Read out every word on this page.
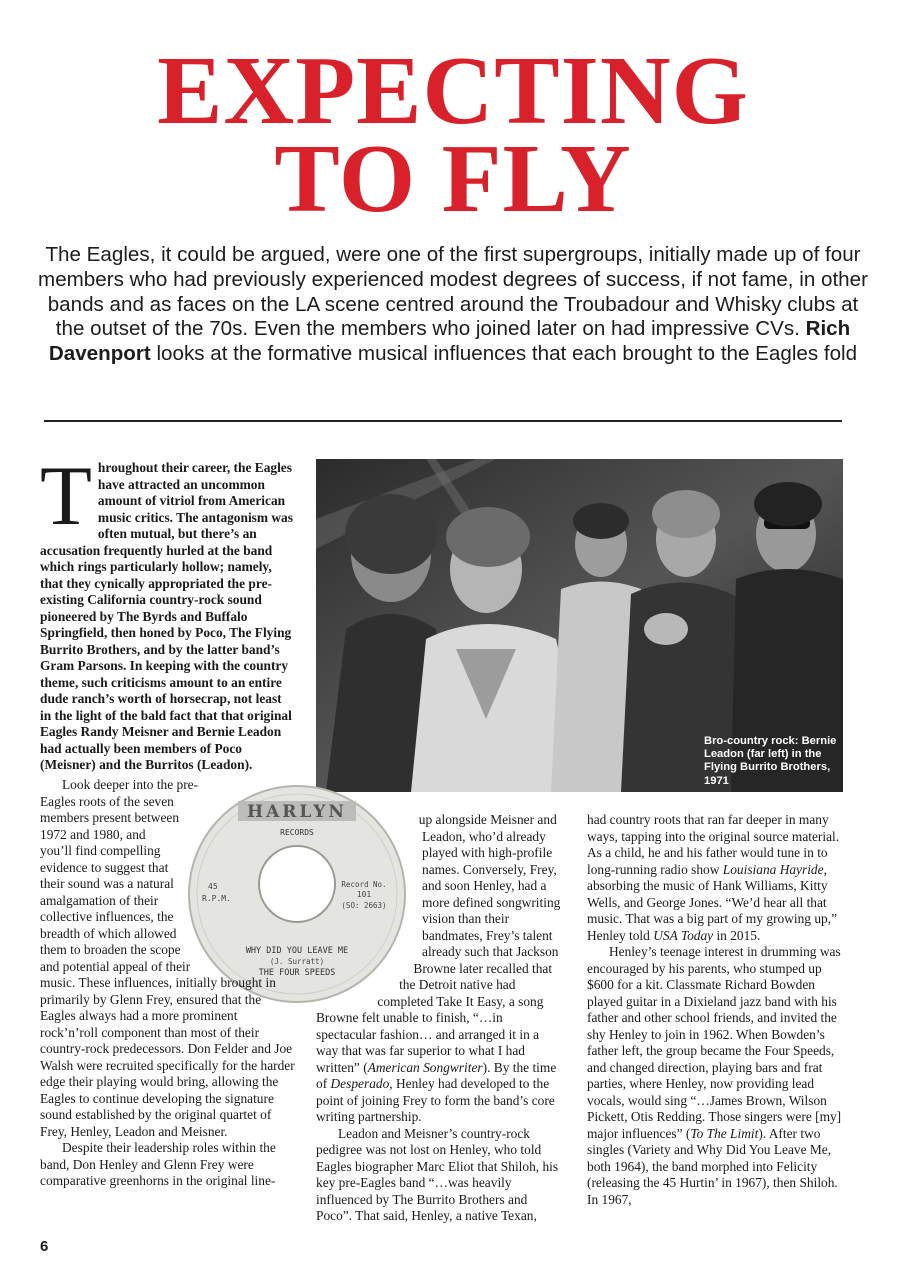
EXPECTING
TO FLY

The Eagles, it could be argued, were one of the first supergroups, initially made up of four members who had previously experienced modest degrees of success, if not fame, in other bands and as faces on the LA scene centred around the Troubadour and Whisky clubs at the outset of the 70s. Even the members who joined later on had impressive CVs. Rich Davenport looks at the formative musical influences that each brought to the Eagles fold

Throughout their career, the Eagles have attracted an uncommon amount of vitriol from American music critics. The antagonism was often mutual, but there’s an accusation frequently hurled at the band which rings particularly hollow; namely, that they cynically appropriated the pre-existing California country-rock sound pioneered by The Byrds and Buffalo Springfield, then honed by Poco, The Flying Burrito Brothers, and by the latter band’s Gram Parsons. In keeping with the country theme, such criticisms amount to an entire dude ranch’s worth of horsecrap, not least in the light of the bald fact that that original Eagles Randy Meisner and Bernie Leadon had actually been members of Poco (Meisner) and the Burritos (Leadon).

Bro-country rock: Bernie Leadon (far left) in the Flying Burrito Brothers, 1971

HARLYN
RECORDS
45
R.P.M.
Record No.
101
(SO: 2663)
WHY DID YOU LEAVE ME
(J. Surratt)
THE FOUR SPEEDS

Look deeper into the pre-Eagles roots of the seven members present between 1972 and 1980, and you’ll find compelling evidence to suggest that their sound was a natural amalgamation of their collective influences, the breadth of which allowed them to broaden the scope and potential appeal of their music. These influences, initially brought in primarily by Glenn Frey, ensured that the Eagles always had a more prominent rock’n’roll component than most of their country-rock predecessors. Don Felder and Joe Walsh were recruited specifically for the harder edge their playing would bring, allowing the Eagles to continue developing the signature sound established by the original quartet of Frey, Henley, Leadon and Meisner.

Despite their leadership roles within the band, Don Henley and Glenn Frey were comparative greenhorns in the original line-

up alongside Meisner and Leadon, who’d already played with high-profile names. Conversely, Frey, and soon Henley, had a more defined songwriting vision than their bandmates, Frey’s talent already such that Jackson Browne later recalled that the Detroit native had completed Take It Easy, a song Browne felt unable to finish, “…in spectacular fashion… and arranged it in a way that was far superior to what I had written” (American Songwriter). By the time of Desperado, Henley had developed to the point of joining Frey to form the band’s core writing partnership.

Leadon and Meisner’s country-rock pedigree was not lost on Henley, who told Eagles biographer Marc Eliot that Shiloh, his key pre-Eagles band “…was heavily influenced by The Burrito Brothers and Poco”. That said, Henley, a native Texan,

had country roots that ran far deeper in many ways, tapping into the original source material. As a child, he and his father would tune in to long-running radio show Louisiana Hayride, absorbing the music of Hank Williams, Kitty Wells, and George Jones. “We’d hear all that music. That was a big part of my growing up,” Henley told USA Today in 2015.

Henley’s teenage interest in drumming was encouraged by his parents, who stumped up $600 for a kit. Classmate Richard Bowden played guitar in a Dixieland jazz band with his father and other school friends, and invited the shy Henley to join in 1962. When Bowden’s father left, the group became the Four Speeds, and changed direction, playing bars and frat parties, where Henley, now providing lead vocals, would sing “…James Brown, Wilson Pickett, Otis Redding. Those singers were [my] major influences” (To The Limit). After two singles (Variety and Why Did You Leave Me, both 1964), the band morphed into Felicity (releasing the 45 Hurtin’ in 1967), then Shiloh. In 1967,

6
